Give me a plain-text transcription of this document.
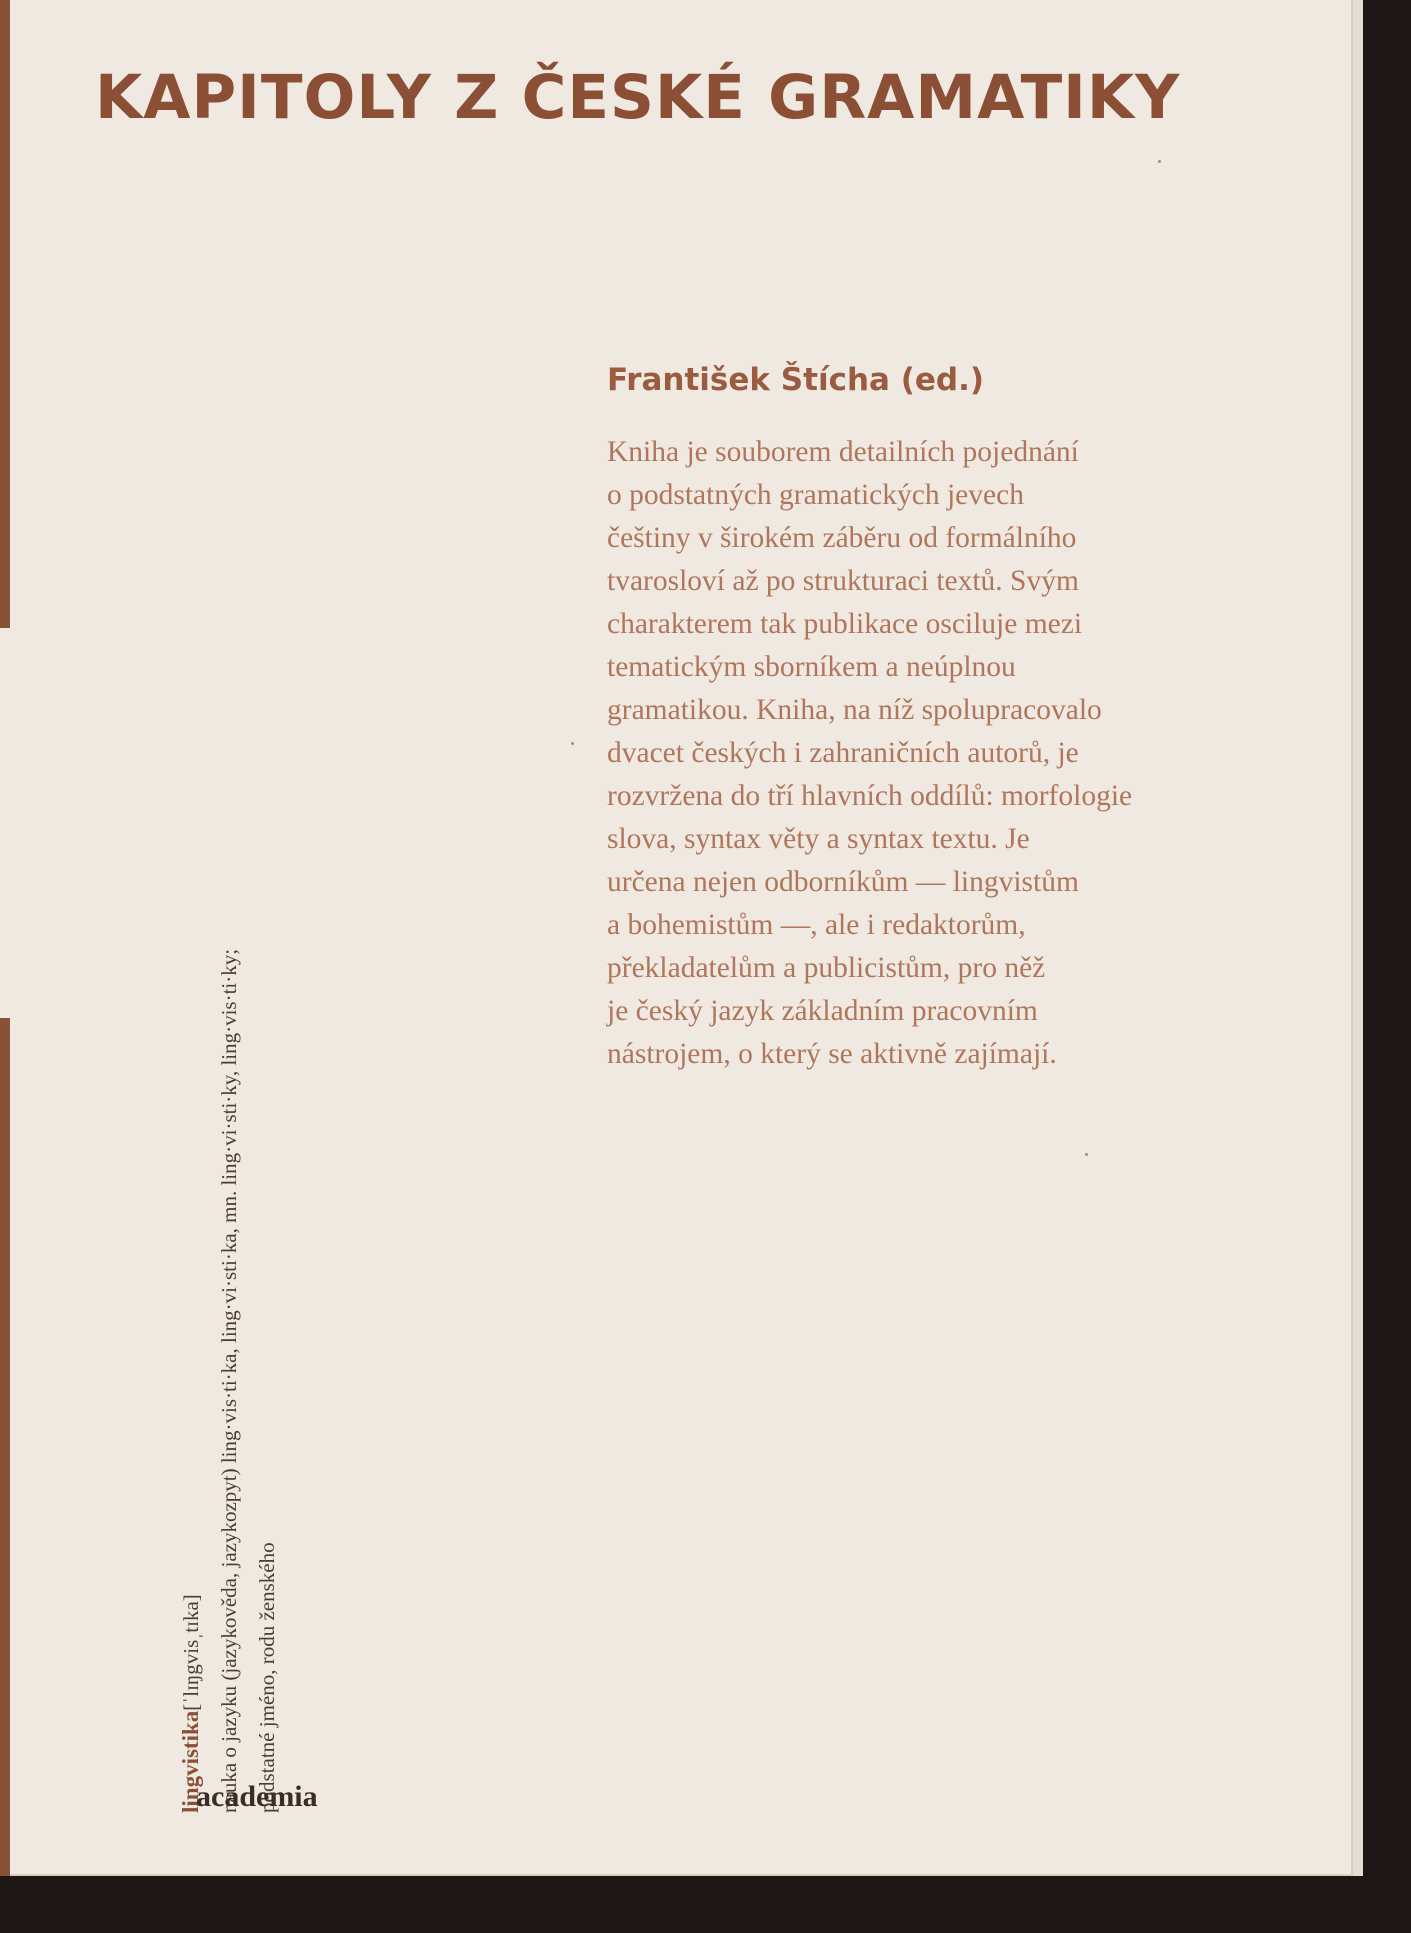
KAPITOLY Z ČESKÉ GRAMATIKY
František Štícha (ed.)
Kniha je souborem detailních pojednání
o podstatných gramatických jevech
češtiny v širokém záběru od formálního
tvarosloví až po strukturaci textů. Svým
charakterem tak publikace osciluje mezi
tematickým sborníkem a neúplnou
gramatikou. Kniha, na níž spolupracovalo
dvacet českých i zahraničních autorů, je
rozvržena do tří hlavních oddílů: morfologie
slova, syntax věty a syntax textu. Je
určena nejen odborníkům — lingvistům
a bohemistům —, ale i redaktorům,
překladatelům a publicistům, pro něž
je český jazyk základním pracovním
nástrojem, o který se aktivně zajímají.
lingvistika[ˈlɪŋgvisˌtɪka] nauka o jazyku (jazykověda, jazykozpyt) ling·vis·ti·ka, ling·vi·sti·ka, mn. ling·vi·sti·ky, ling·vis·ti·ky; podstatné jméno, rodu ženského

academia
